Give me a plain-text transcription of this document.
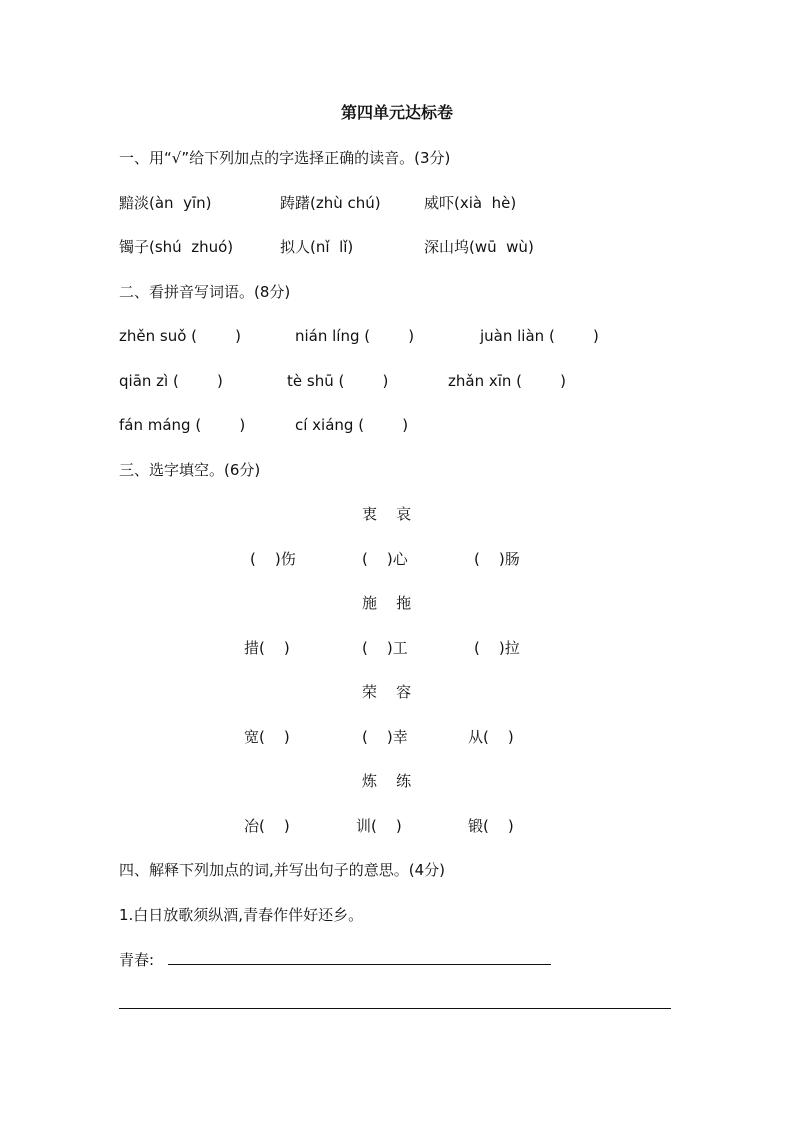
第四单元达标卷
一、用“√”给下列加点的字选择正确的读音。(3分)
黯淡(àn  yīn)	踌躇(zhù chú)	威吓(xià  hè)
镯子(shú  zhuó)	拟人(nǐ  lǐ)	深山坞(wū  wù)
二、看拼音写词语。(8分)
zhěn suǒ (        )	nián líng (        )	juàn liàn (        )
qiān zì (        )	tè shū (        )	zhǎn xīn (        )
fán máng (        )	cí xiáng (        )
三、选字填空。(6分)
衷    哀
(    )伤	(    )心	(    )肠
施    拖
措(    )	(    )工	(    )拉
荣    容
宽(    )	(    )幸	从(    )
炼    练
冶(    )	训(    )	锻(    )
四、解释下列加点的词,并写出句子的意思。(4分)
1.白日放歌须纵酒,青春作伴好还乡。
青春:
